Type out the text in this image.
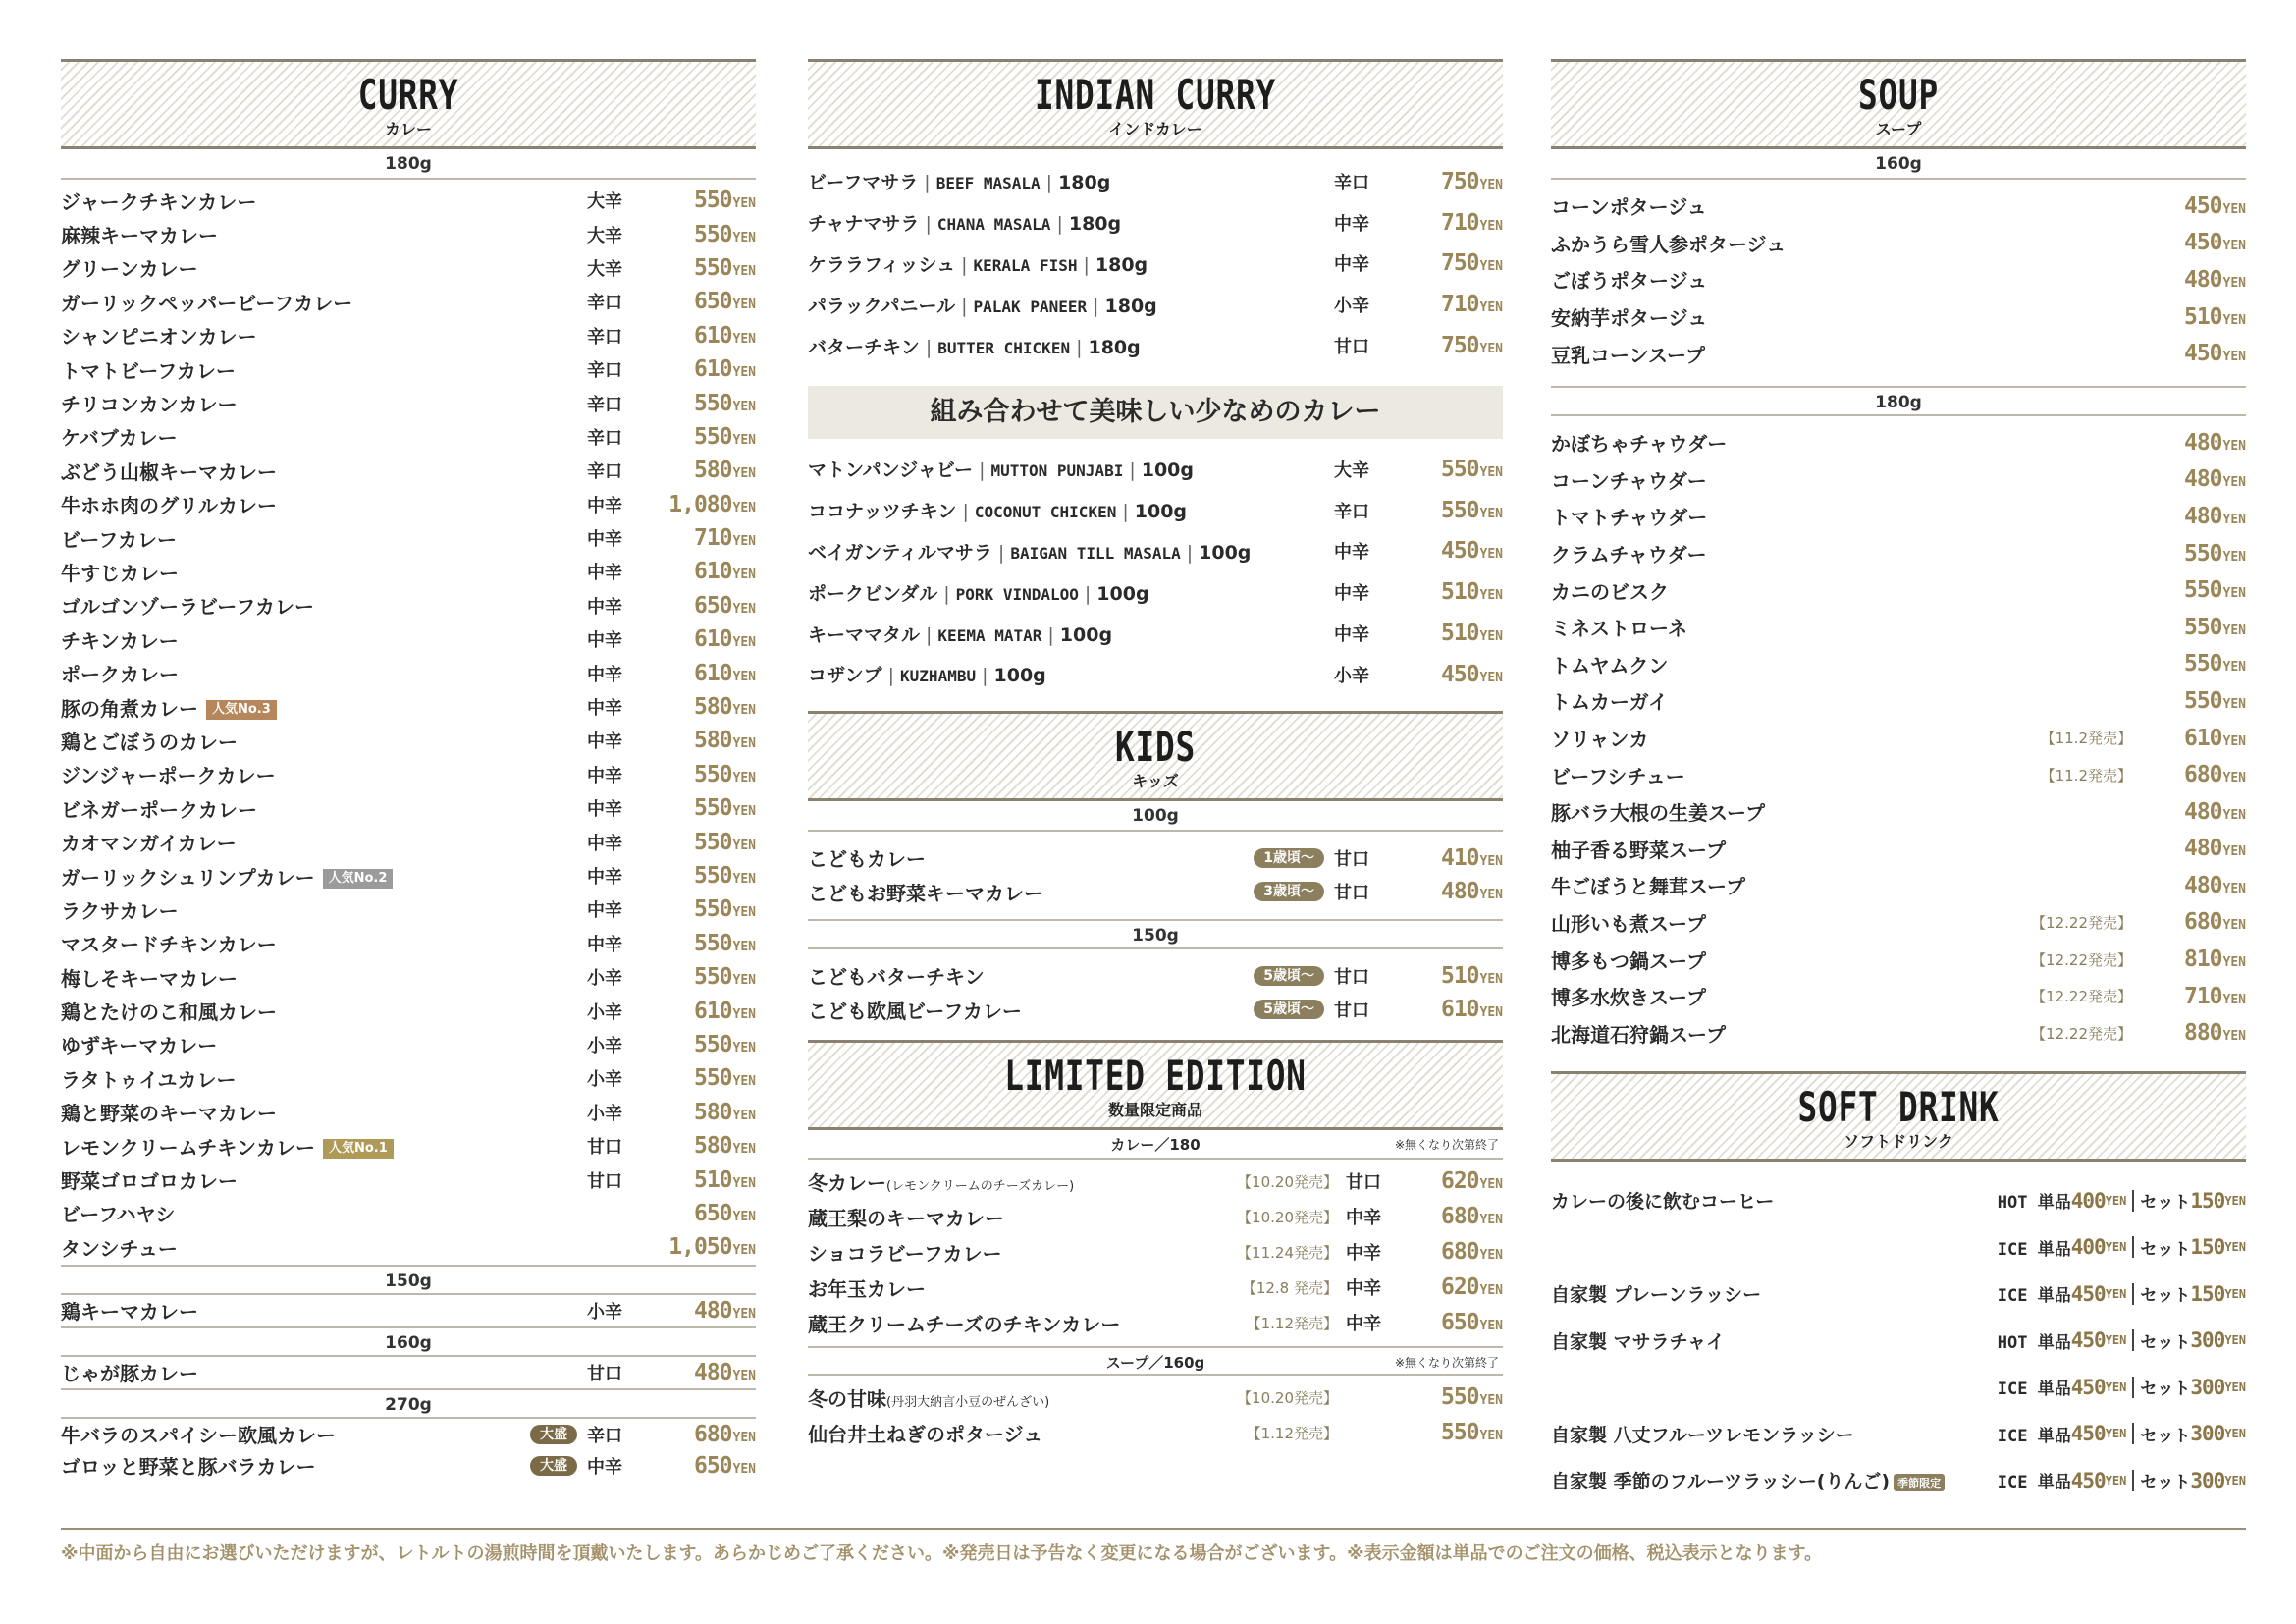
CURRY
カレー
180g
ジャークチキンカレー	大辛	550YEN
麻辣キーマカレー	大辛	550YEN
グリーンカレー	大辛	550YEN
ガーリックペッパービーフカレー	辛口	650YEN
シャンピニオンカレー	辛口	610YEN
トマトビーフカレー	辛口	610YEN
チリコンカンカレー	辛口	550YEN
ケバブカレー	辛口	550YEN
ぶどう山椒キーマカレー	辛口	580YEN
牛ホホ肉のグリルカレー	中辛	1,080YEN
ビーフカレー	中辛	710YEN
牛すじカレー	中辛	610YEN
ゴルゴンゾーラビーフカレー	中辛	650YEN
チキンカレー	中辛	610YEN
ポークカレー	中辛	610YEN
豚の角煮カレー 人気No.3	中辛	580YEN
鶏とごぼうのカレー	中辛	580YEN
ジンジャーポークカレー	中辛	550YEN
ビネガーポークカレー	中辛	550YEN
カオマンガイカレー	中辛	550YEN
ガーリックシュリンプカレー 人気No.2	中辛	550YEN
ラクサカレー	中辛	550YEN
マスタードチキンカレー	中辛	550YEN
梅しそキーマカレー	小辛	550YEN
鶏とたけのこ和風カレー	小辛	610YEN
ゆずキーマカレー	小辛	550YEN
ラタトゥイユカレー	小辛	550YEN
鶏と野菜のキーマカレー	小辛	580YEN
レモンクリームチキンカレー 人気No.1	甘口	580YEN
野菜ゴロゴロカレー	甘口	510YEN
ビーフハヤシ	650YEN
タンシチュー	1,050YEN
150g
鶏キーマカレー	小辛	480YEN
160g
じゃが豚カレー	甘口	480YEN
270g
牛バラのスパイシー欧風カレー	大盛	辛口	680YEN
ゴロッと野菜と豚バラカレー	大盛	中辛	650YEN
INDIAN CURRY
インドカレー
ビーフマサラ | BEEF MASALA | 180g	辛口	750YEN
チャナマサラ | CHANA MASALA | 180g	中辛	710YEN
ケララフィッシュ | KERALA FISH | 180g	中辛	750YEN
パラックパニール | PALAK PANEER | 180g	小辛	710YEN
バターチキン | BUTTER CHICKEN | 180g	甘口	750YEN
組み合わせて美味しい少なめのカレー
マトンパンジャビー | MUTTON PUNJABI | 100g	大辛	550YEN
ココナッツチキン | COCONUT CHICKEN | 100g	辛口	550YEN
ベイガンティルマサラ | BAIGAN TILL MASALA | 100g	中辛	450YEN
ポークビンダル | PORK VINDALOO | 100g	中辛	510YEN
キーママタル | KEEMA MATAR | 100g	中辛	510YEN
コザンブ | KUZHAMBU | 100g	小辛	450YEN
KIDS
キッズ
100g
こどもカレー	1歳頃〜	甘口	410YEN
こどもお野菜キーマカレー	3歳頃〜	甘口	480YEN
150g
こどもバターチキン	5歳頃〜	甘口	510YEN
こども欧風ビーフカレー	5歳頃〜	甘口	610YEN
LIMITED EDITION
数量限定商品
カレー／180	※無くなり次第終了
冬カレー(レモンクリームのチーズカレー)	【10.20発売】 甘口	620YEN
蔵王梨のキーマカレー	【10.20発売】 中辛	680YEN
ショコラビーフカレー	【11.24発売】 中辛	680YEN
お年玉カレー	【12.8 発売】 中辛	620YEN
蔵王クリームチーズのチキンカレー	【1.12発売】 中辛	650YEN
スープ／160g	※無くなり次第終了
冬の甘味(丹羽大納言小豆のぜんざい)	【10.20発売】	550YEN
仙台井土ねぎのポタージュ	【1.12発売】	550YEN
SOUP
スープ
160g
コーンポタージュ	450YEN
ふかうら雪人参ポタージュ	450YEN
ごぼうポタージュ	480YEN
安納芋ポタージュ	510YEN
豆乳コーンスープ	450YEN
180g
かぼちゃチャウダー	480YEN
コーンチャウダー	480YEN
トマトチャウダー	480YEN
クラムチャウダー	550YEN
カニのビスク	550YEN
ミネストローネ	550YEN
トムヤムクン	550YEN
トムカーガイ	550YEN
ソリャンカ	【11.2発売】	610YEN
ビーフシチュー	【11.2発売】	680YEN
豚バラ大根の生姜スープ	480YEN
柚子香る野菜スープ	480YEN
牛ごぼうと舞茸スープ	480YEN
山形いも煮スープ	【12.22発売】	680YEN
博多もつ鍋スープ	【12.22発売】	810YEN
博多水炊きスープ	【12.22発売】	710YEN
北海道石狩鍋スープ	【12.22発売】	880YEN
SOFT DRINK
ソフトドリンク
カレーの後に飲むコーヒー	HOT 単品 400 YEN セット 150 YEN
ICE 単品 400 YEN セット 150 YEN
自家製 プレーンラッシー	ICE 単品 450 YEN セット 150 YEN
自家製 マサラチャイ	HOT 単品 450 YEN セット 300 YEN
ICE 単品 450 YEN セット 300 YEN
自家製 八丈フルーツレモンラッシー	ICE 単品 450 YEN セット 300 YEN
自家製 季節のフルーツラッシー(りんご) 季節限定	ICE 単品 450 YEN セット 300 YEN
※中面から自由にお選びいただけますが、レトルトの湯煎時間を頂戴いたします。あらかじめご了承ください。※発売日は予告なく変更になる場合がございます。※表示金額は単品でのご注文の価格、税込表示となります。
